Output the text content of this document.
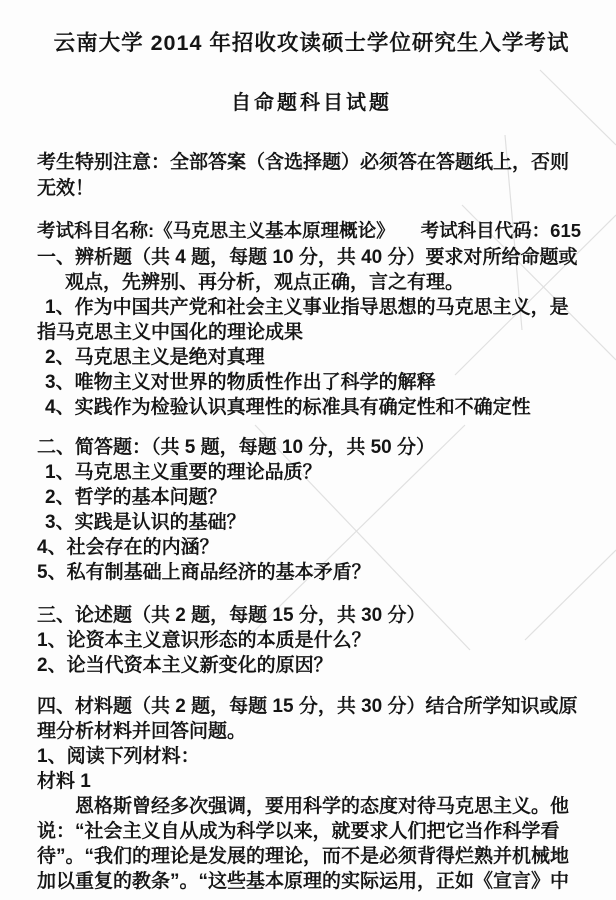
云南大学 2014 年招收攻读硕士学位研究生入学考试
自命题科目试题

考生特别注意：全部答案（含选择题）必须答在答题纸上，否则无效！

考试科目名称:《马克思主义基本原理概论》 考试科目代码：615

一、辨析题（共 4 题，每题 10 分，共 40 分）要求对所给命题或观点，先辨别、再分析，观点正确，言之有理。

1、作为中国共产党和社会主义事业指导思想的马克思主义，是指马克思主义中国化的理论成果

2、马克思主义是绝对真理

3、唯物主义对世界的物质性作出了科学的解释

4、实践作为检验认识真理性的标准具有确定性和不确定性

二、简答题：（共 5 题，每题 10 分，共 50 分）

1、马克思主义重要的理论品质？

2、哲学的基本问题？

3、实践是认识的基础？

4、社会存在的内涵？

5、私有制基础上商品经济的基本矛盾？

三、论述题（共 2 题，每题 15 分，共 30 分）

1、论资本主义意识形态的本质是什么？

2、论当代资本主义新变化的原因？

四、材料题（共 2 题，每题 15 分，共 30 分）结合所学知识或原理分析材料并回答问题。

1、阅读下列材料：

材料 1

恩格斯曾经多次强调，要用科学的态度对待马克思主义。他说：“社会主义自从成为科学以来，就要求人们把它当作科学看待”。“我们的理论是发展的理论，而不是必须背得烂熟并机械地加以重复的教条”。“这些基本原理的实际运用，正如《宣言》中
